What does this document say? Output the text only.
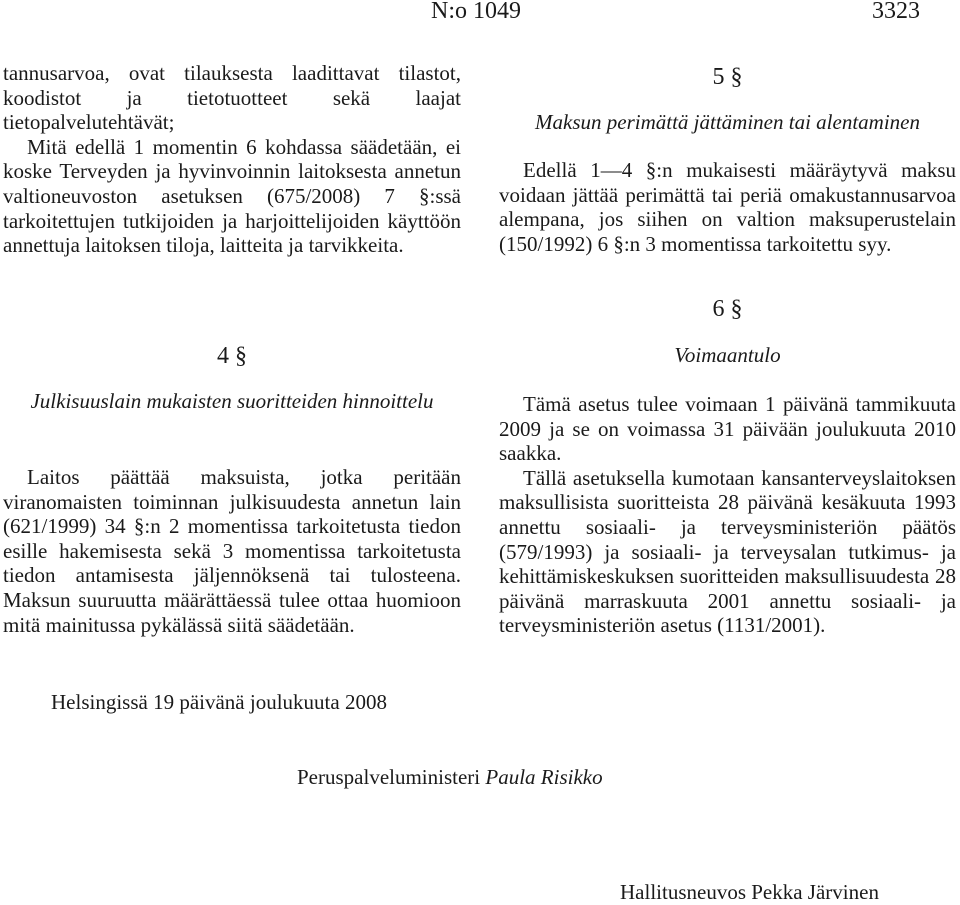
N:o 1049	3323

tannusarvoa, ovat tilauksesta laadittavat tilastot, koodistot ja tietotuotteet sekä laajat tietopalvelutehtävät;

Mitä edellä 1 momentin 6 kohdassa säädetään, ei koske Terveyden ja hyvinvoinnin laitoksesta annetun valtioneuvoston asetuksen (675/2008) 7 §:ssä tarkoitettujen tutkijoiden ja harjoittelijoiden käyttöön annettuja laitoksen tiloja, laitteita ja tarvikkeita.

4 §
Julkisuuslain mukaisten suoritteiden hinnoittelu

Laitos päättää maksuista, jotka peritään viranomaisten toiminnan julkisuudesta annetun lain (621/1999) 34 §:n 2 momentissa tarkoitetusta tiedon esille hakemisesta sekä 3 momentissa tarkoitetusta tiedon antamisesta jäljennöksenä tai tulosteena. Maksun suuruutta määrättäessä tulee ottaa huomioon mitä mainitussa pykälässä siitä säädetään.

5 §
Maksun perimättä jättäminen tai alentaminen

Edellä 1—4 §:n mukaisesti määräytyvä maksu voidaan jättää perimättä tai periä omakustannusarvoa alempana, jos siihen on valtion maksuperustelain (150/1992) 6 §:n 3 momentissa tarkoitettu syy.

6 §
Voimaantulo

Tämä asetus tulee voimaan 1 päivänä tammikuuta 2009 ja se on voimassa 31 päivään joulukuuta 2010 saakka.

Tällä asetuksella kumotaan kansanterveyslaitoksen maksullisista suoritteista 28 päivänä kesäkuuta 1993 annettu sosiaali- ja terveysministeriön päätös (579/1993) ja sosiaali- ja terveysalan tutkimus- ja kehittämiskeskuksen suoritteiden maksullisuudesta 28 päivänä marraskuuta 2001 annettu sosiaali- ja terveysministeriön asetus (1131/2001).

Helsingissä 19 päivänä joulukuuta 2008
Peruspalveluministeri Paula Risikko
Hallitusneuvos Pekka Järvinen
